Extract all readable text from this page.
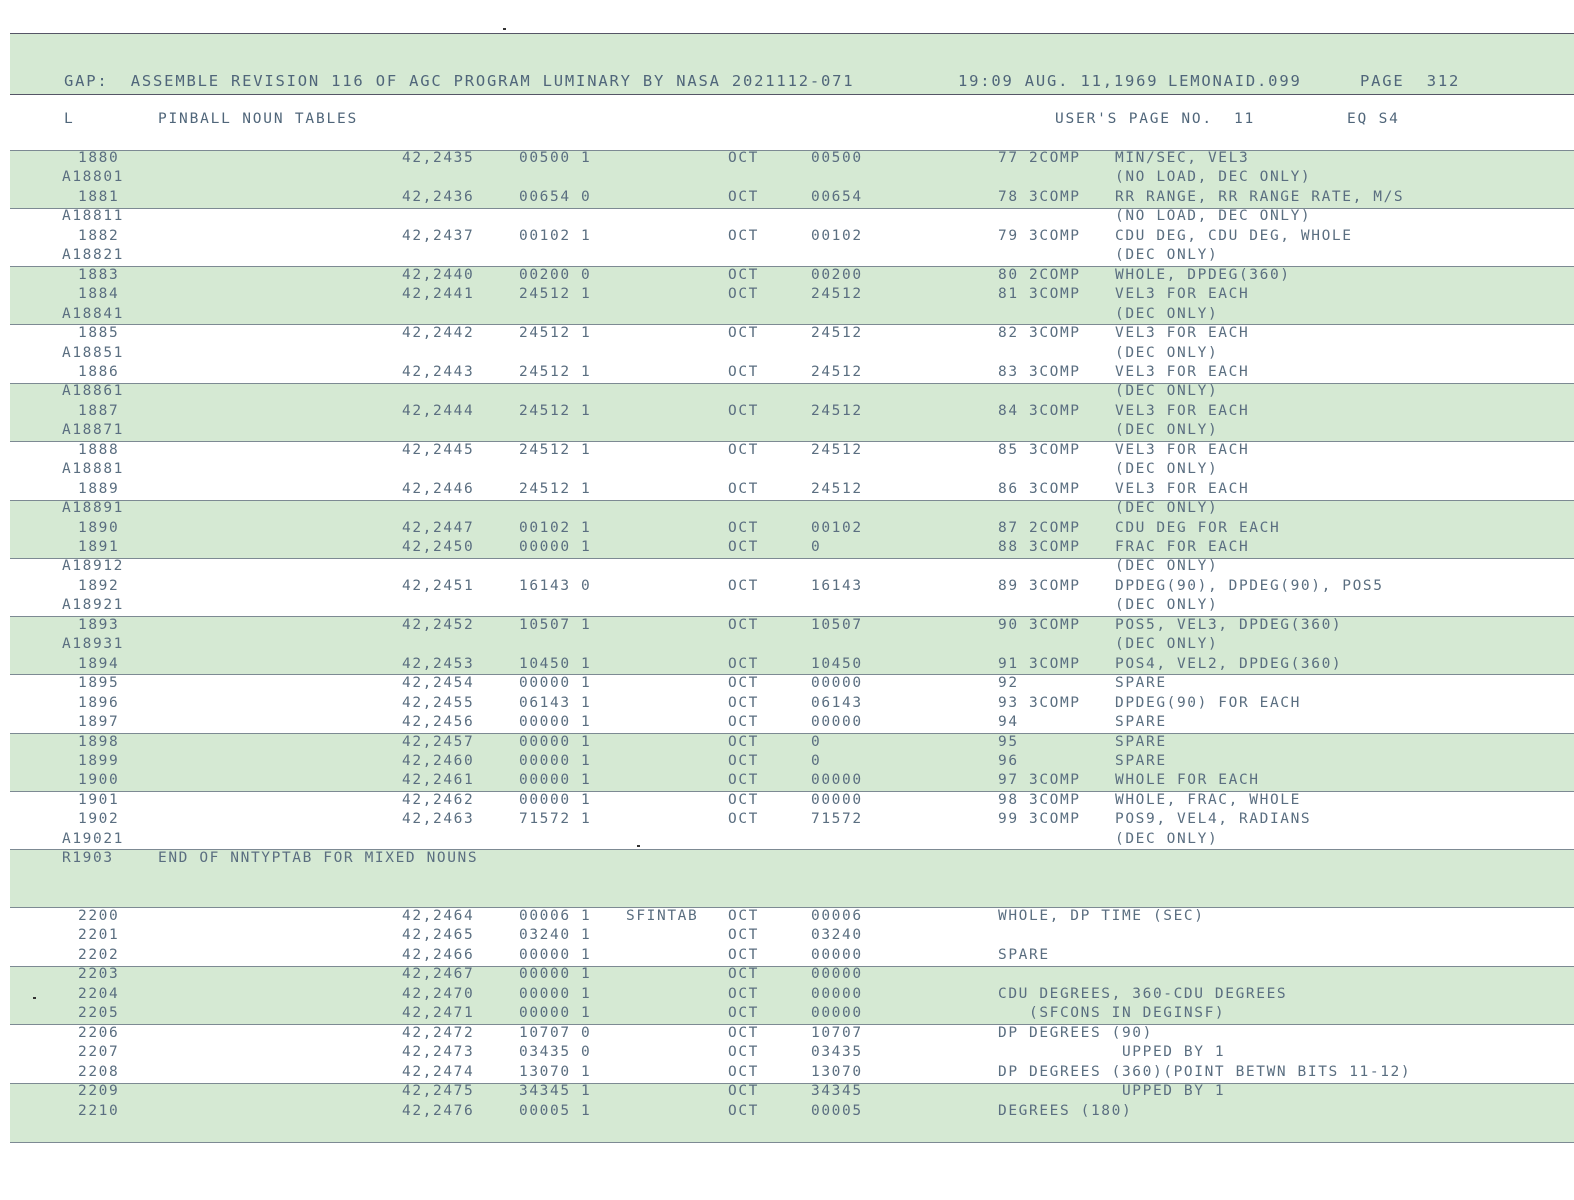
GAP:  ASSEMBLE REVISION 116 OF AGC PROGRAM LUMINARY BY NASA 2021112-071	19:09 AUG. 11,1969 LEMONAID.099	PAGE  312
L	PINBALL NOUN TABLES	USER'S PAGE NO.  11	EQ S4
1880	42,2435	00500 1	OCT	00500	77 2COMP MIN/SEC, VEL3
A18801	(NO LOAD, DEC ONLY)
1881	42,2436	00654 0	OCT	00654	78 3COMP RR RANGE, RR RANGE RATE, M/S
A18811	(NO LOAD, DEC ONLY)
1882	42,2437	00102 1	OCT	00102	79 3COMP CDU DEG, CDU DEG, WHOLE
A18821	(DEC ONLY)
1883	42,2440	00200 0	OCT	00200	80 2COMP WHOLE, DPDEG(360)
1884	42,2441	24512 1	OCT	24512	81 3COMP VEL3 FOR EACH
A18841	(DEC ONLY)
1885	42,2442	24512 1	OCT	24512	82 3COMP VEL3 FOR EACH
A18851	(DEC ONLY)
1886	42,2443	24512 1	OCT	24512	83 3COMP VEL3 FOR EACH
A18861	(DEC ONLY)
1887	42,2444	24512 1	OCT	24512	84 3COMP VEL3 FOR EACH
A18871	(DEC ONLY)
1888	42,2445	24512 1	OCT	24512	85 3COMP VEL3 FOR EACH
A18881	(DEC ONLY)
1889	42,2446	24512 1	OCT	24512	86 3COMP VEL3 FOR EACH
A18891	(DEC ONLY)
1890	42,2447	00102 1	OCT	00102	87 2COMP CDU DEG FOR EACH
1891	42,2450	00000 1	OCT	0	88 3COMP FRAC FOR EACH
A18912	(DEC ONLY)
1892	42,2451	16143 0	OCT	16143	89 3COMP DPDEG(90), DPDEG(90), POS5
A18921	(DEC ONLY)
1893	42,2452	10507 1	OCT	10507	90 3COMP POS5, VEL3, DPDEG(360)
A18931	(DEC ONLY)
1894	42,2453	10450 1	OCT	10450	91 3COMP POS4, VEL2, DPDEG(360)
1895	42,2454	00000 1	OCT	00000	92	SPARE
1896	42,2455	06143 1	OCT	06143	93 3COMP DPDEG(90) FOR EACH
1897	42,2456	00000 1	OCT	00000	94	SPARE
1898	42,2457	00000 1	OCT	0	95	SPARE
1899	42,2460	00000 1	OCT	0	96	SPARE
1900	42,2461	00000 1	OCT	00000	97 3COMP WHOLE FOR EACH
1901	42,2462	00000 1	OCT	00000	98 3COMP WHOLE, FRAC, WHOLE
1902	42,2463	71572 1	OCT	71572	99 3COMP POS9, VEL4, RADIANS
A19021	(DEC ONLY)
R1903	END OF NNTYPTAB FOR MIXED NOUNS
2200	42,2464	00006 1 SFINTAB OCT	00006	WHOLE, DP TIME (SEC)
2201	42,2465	03240 1	OCT	03240
2202	42,2466	00000 1	OCT	00000	SPARE
2203	42,2467	00000 1	OCT	00000
2204	42,2470	00000 1	OCT	00000	CDU DEGREES, 360-CDU DEGREES
2205	42,2471	00000 1	OCT	00000	(SFCONS IN DEGINSF)
2206	42,2472	10707 0	OCT	10707	DP DEGREES (90)
2207	42,2473	03435 0	OCT	03435	UPPED BY 1
2208	42,2474	13070 1	OCT	13070	DP DEGREES (360)(POINT BETWN BITS 11-12)
2209	42,2475	34345 1	OCT	34345	UPPED BY 1
2210	42,2476	00005 1	OCT	00005	DEGREES (180)
